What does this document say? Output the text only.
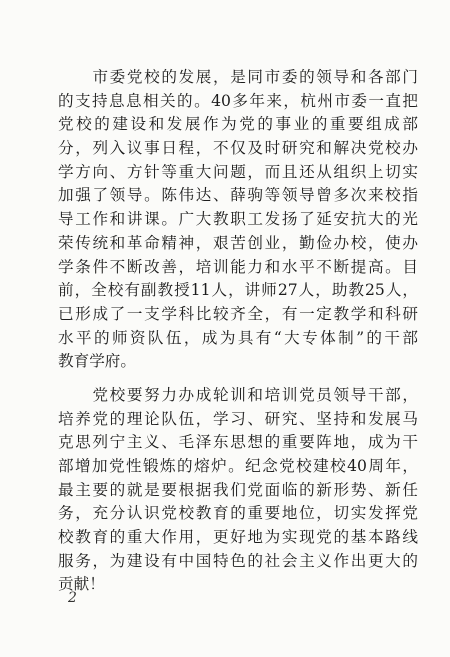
　　市委党校的发展，是同市委的领导和各部门
的支持息息相关的。40多年来，杭州市委一直把
党校的建设和发展作为党的事业的重要组成部
分，列入议事日程，不仅及时研究和解决党校办
学方向、方针等重大问题，而且还从组织上切实
加强了领导。陈伟达、薛驹等领导曾多次来校指
导工作和讲课。广大教职工发扬了延安抗大的光
荣传统和革命精神，艰苦创业，勤俭办校，使办
学条件不断改善，培训能力和水平不断提高。目
前，全校有副教授11人，讲师27人，助教25人，
已形成了一支学科比较齐全，有一定教学和科研
水平的师资队伍，成为具有“大专体制”的干部
教育学府。
　　党校要努力办成轮训和培训党员领导干部，
培养党的理论队伍，学习、研究、坚持和发展马
克思列宁主义、毛泽东思想的重要阵地，成为干
部增加党性锻炼的熔炉。纪念党校建校40周年，
最主要的就是要根据我们党面临的新形势、新任
务，充分认识党校教育的重要地位，切实发挥党
校教育的重大作用，更好地为实现党的基本路线
服务，为建设有中国特色的社会主义作出更大的
贡献！
2
